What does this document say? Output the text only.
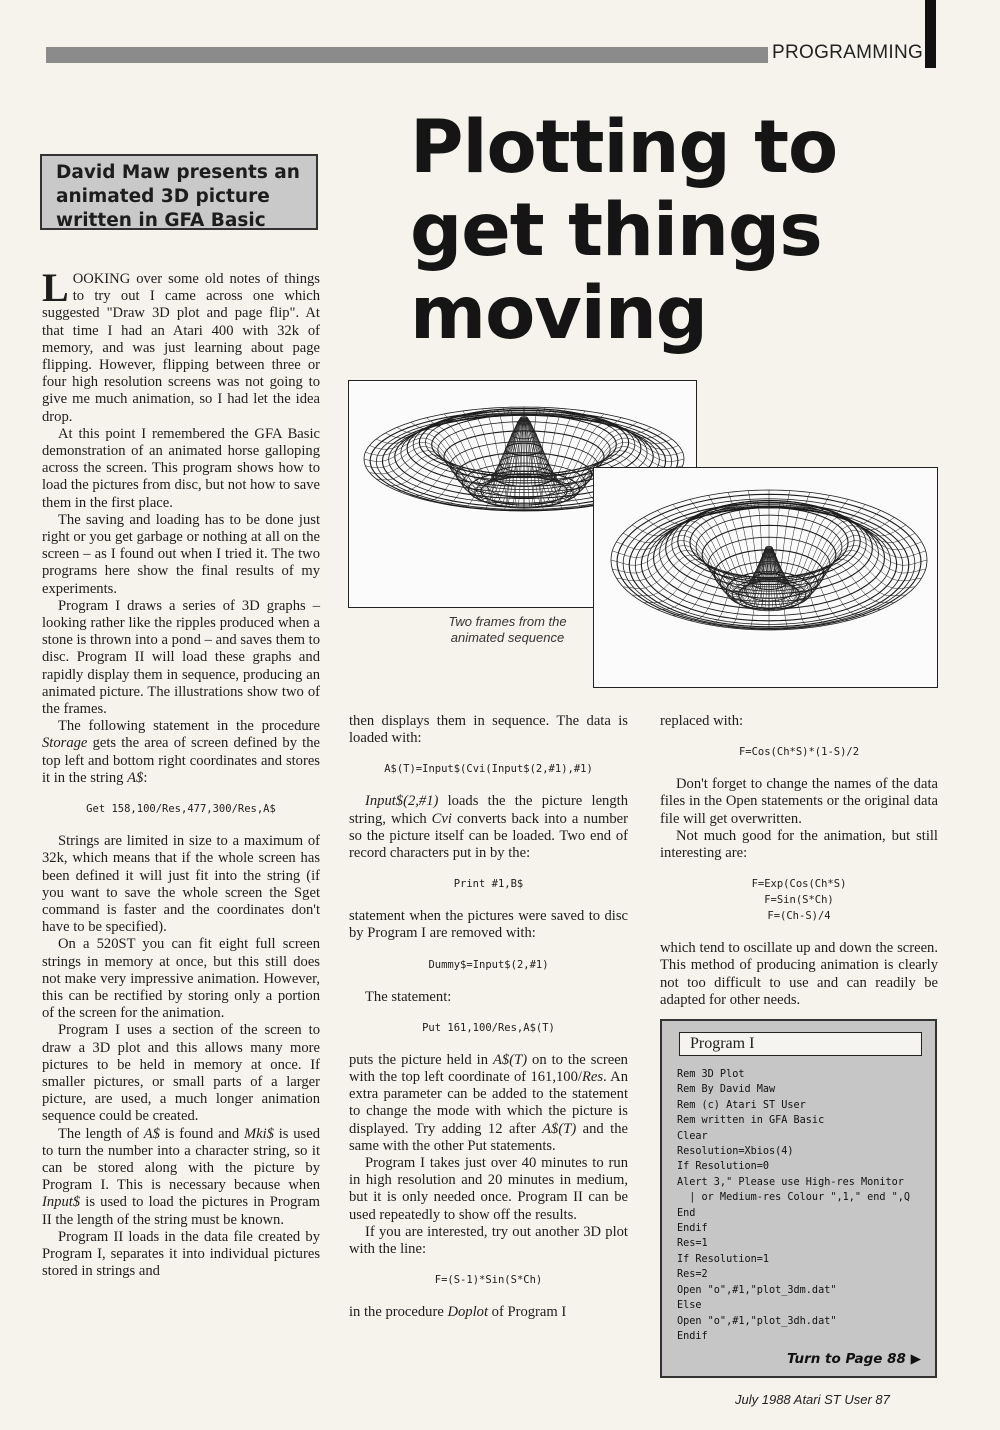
PROGRAMMING
David Maw presents an animated 3D picture written in GFA Basic
Plotting to
get things
moving
Two frames from the animated sequence

LOOKING over some old notes of things to try out I came across one which suggested "Draw 3D plot and page flip". At that time I had an Atari 400 with 32k of memory, and was just learning about page flipping. However, flipping between three or four high resolution screens was not going to give me much animation, so I had let the idea drop.

At this point I remembered the GFA Basic demonstration of an animated horse galloping across the screen. This program shows how to load the pictures from disc, but not how to save them in the first place.

The saving and loading has to be done just right or you get garbage or nothing at all on the screen – as I found out when I tried it. The two programs here show the final results of my experiments.

Program I draws a series of 3D graphs – looking rather like the ripples produced when a stone is thrown into a pond – and saves them to disc. Program II will load these graphs and rapidly display them in sequence, producing an animated picture. The illustrations show two of the frames.

The following statement in the procedure Storage gets the area of screen defined by the top left and bottom right coordinates and stores it in the string A$:

Get 158,100/Res,477,300/Res,A$

Strings are limited in size to a maximum of 32k, which means that if the whole screen has been defined it will just fit into the string (if you want to save the whole screen the Sget command is faster and the coordinates don't have to be specified).

On a 520ST you can fit eight full screen strings in memory at once, but this still does not make very impressive animation. However, this can be rectified by storing only a portion of the screen for the animation.

Program I uses a section of the screen to draw a 3D plot and this allows many more pictures to be held in memory at once. If smaller pictures, or small parts of a larger picture, are used, a much longer animation sequence could be created.

The length of A$ is found and Mki$ is used to turn the number into a character string, so it can be stored along with the picture by Program I. This is necessary because when Input$ is used to load the pictures in Program II the length of the string must be known.

Program II loads in the data file created by Program I, separates it into individual pictures stored in strings and

then displays them in sequence. The data is loaded with:

A$(T)=Input$(Cvi(Input$(2,#1),#1)

Input$(2,#1) loads the the picture length string, which Cvi converts back into a number so the picture itself can be loaded. Two end of record characters put in by the:

Print #1,B$

statement when the pictures were saved to disc by Program I are removed with:

Dummy$=Input$(2,#1)

The statement:

Put 161,100/Res,A$(T)

puts the picture held in A$(T) on to the screen with the top left coordinate of 161,100/Res. An extra parameter can be added to the statement to change the mode with which the picture is displayed. Try adding 12 after A$(T) and the same with the other Put statements.

Program I takes just over 40 minutes to run in high resolution and 20 minutes in medium, but it is only needed once. Program II can be used repeatedly to show off the results.

If you are interested, try out another 3D plot with the line:

F=(S-1)*Sin(S*Ch)

in the procedure Doplot of Program I

replaced with:

F=Cos(Ch*S)*(1-S)/2

Don't forget to change the names of the data files in the Open statements or the original data file will get overwritten.

Not much good for the animation, but still interesting are:

F=Exp(Cos(Ch*S)
F=Sin(S*Ch)
F=(Ch-S)/4

which tend to oscillate up and down the screen. This method of producing animation is clearly not too difficult to use and can readily be adapted for other needs.

Program I
Rem 3D Plot
Rem By David Maw
Rem (c) Atari ST User
Rem written in GFA Basic
Clear
Resolution=Xbios(4)
If Resolution=0
Alert 3," Please use High-res Monitor
| or Medium-res Colour ",1," end ",Q
End
Endif
Res=1
If Resolution=1
Res=2
Open "o",#1,"plot_3dm.dat"
Else
Open "o",#1,"plot_3dh.dat"
Endif
Turn to Page 88 ▶
July 1988 Atari ST User 87
